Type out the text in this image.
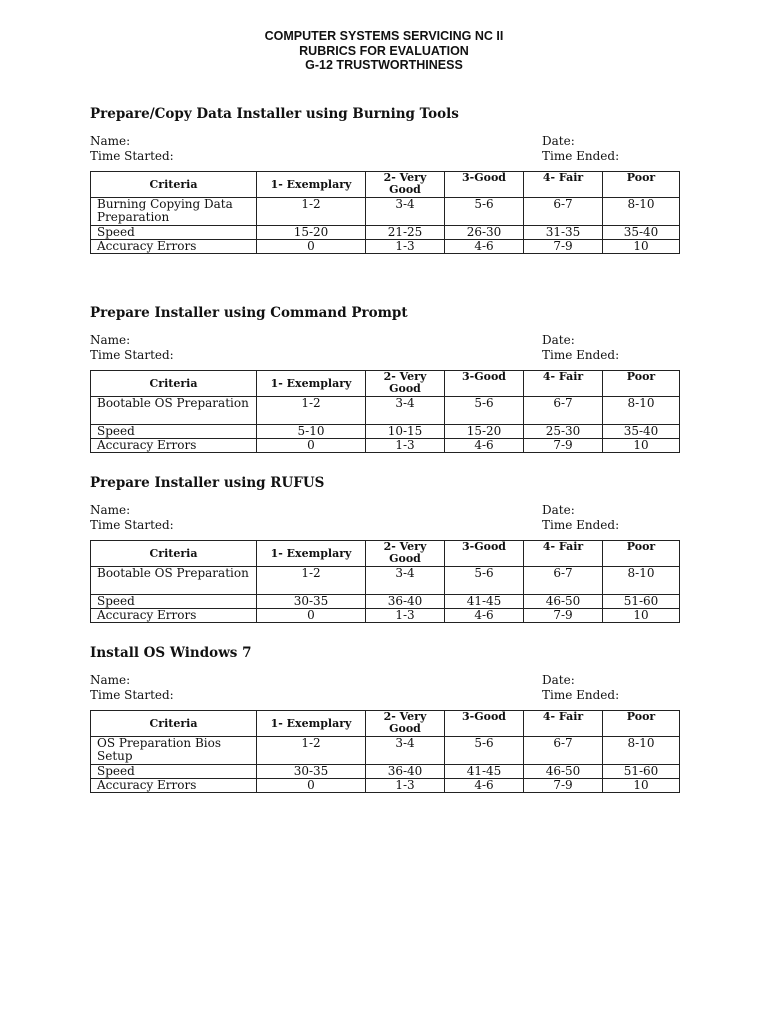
COMPUTER SYSTEMS SERVICING NC II
RUBRICS FOR EVALUATION
G-12 TRUSTWORTHINESS
Prepare/Copy Data Installer using Burning Tools
Name:	Date:
Time Started:	Time Ended:
Criteria	1- Exemplary	2- Very Good	3-Good	4- Fair	Poor
Burning Copying Data Preparation	1-2	3-4	5-6	6-7	8-10
Speed	15-20	21-25	26-30	31-35	35-40
Accuracy Errors	0	1-3	4-6	7-9	10
Prepare Installer using Command Prompt
Name:	Date:
Time Started:	Time Ended:
Criteria	1- Exemplary	2- Very Good	3-Good	4- Fair	Poor
Bootable OS Preparation	1-2	3-4	5-6	6-7	8-10
Speed	5-10	10-15	15-20	25-30	35-40
Accuracy Errors	0	1-3	4-6	7-9	10
Prepare Installer using RUFUS
Name:	Date:
Time Started:	Time Ended:
Criteria	1- Exemplary	2- Very Good	3-Good	4- Fair	Poor
Bootable OS Preparation	1-2	3-4	5-6	6-7	8-10
Speed	30-35	36-40	41-45	46-50	51-60
Accuracy Errors	0	1-3	4-6	7-9	10
Install OS Windows 7
Name:	Date:
Time Started:	Time Ended:
Criteria	1- Exemplary	2- Very Good	3-Good	4- Fair	Poor
OS Preparation Bios Setup	1-2	3-4	5-6	6-7	8-10
Speed	30-35	36-40	41-45	46-50	51-60
Accuracy Errors	0	1-3	4-6	7-9	10
